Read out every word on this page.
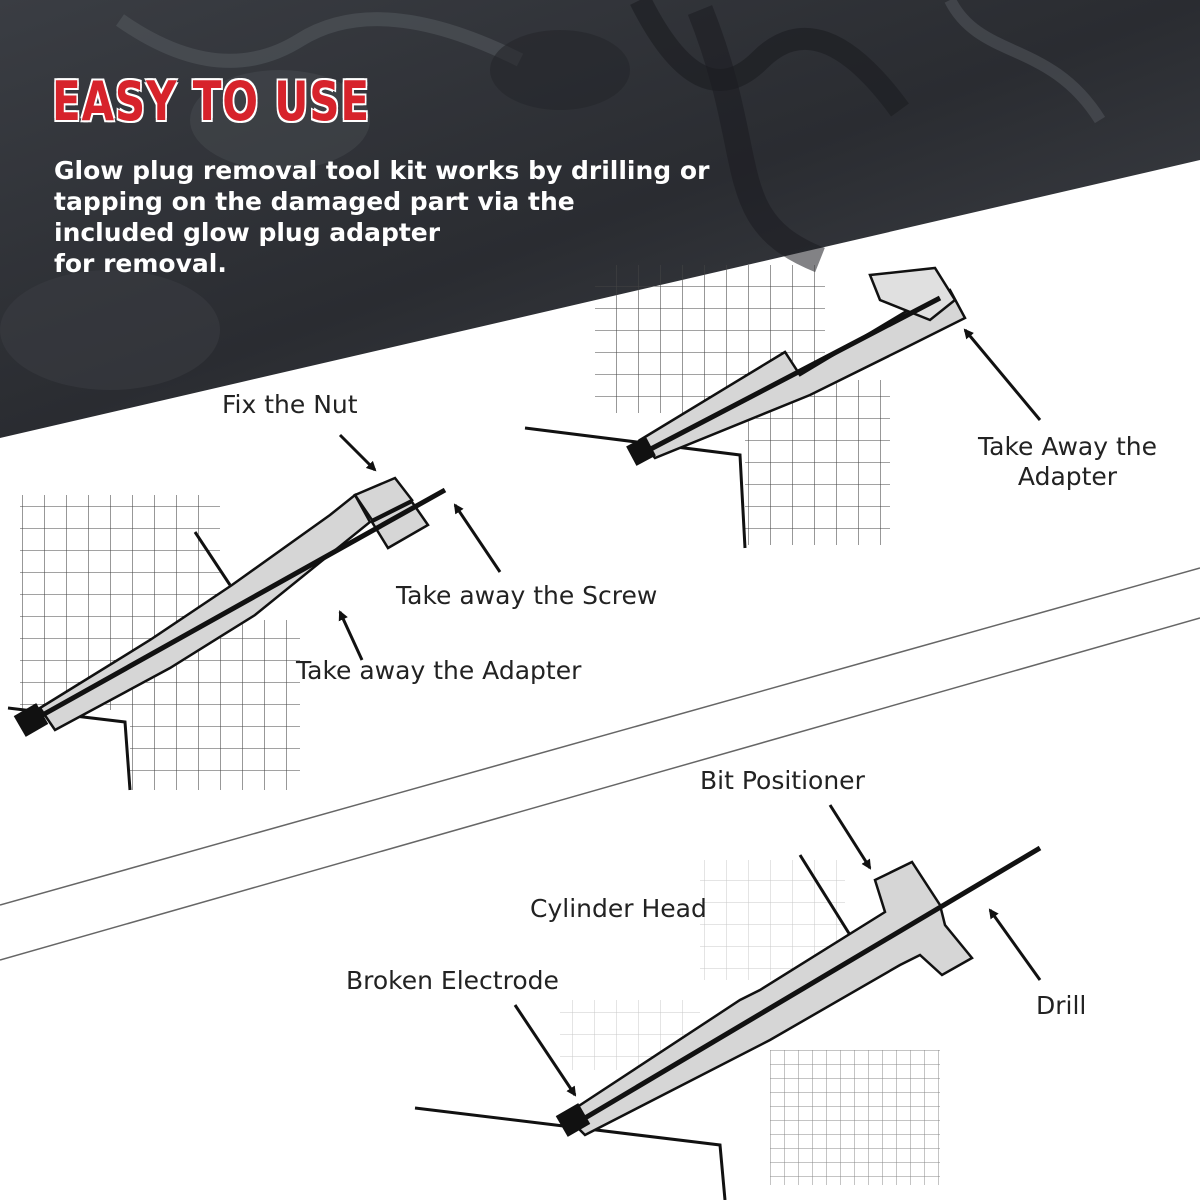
EASY TO USE
Glow plug removal tool kit works by drilling or
tapping on the damaged part via the
included glow plug adapter
for removal.
Take Away the
Adapter
Fix the Nut
Take away the Screw
Take away the Adapter
Bit Positioner
Cylinder Head
Broken Electrode
Drill
